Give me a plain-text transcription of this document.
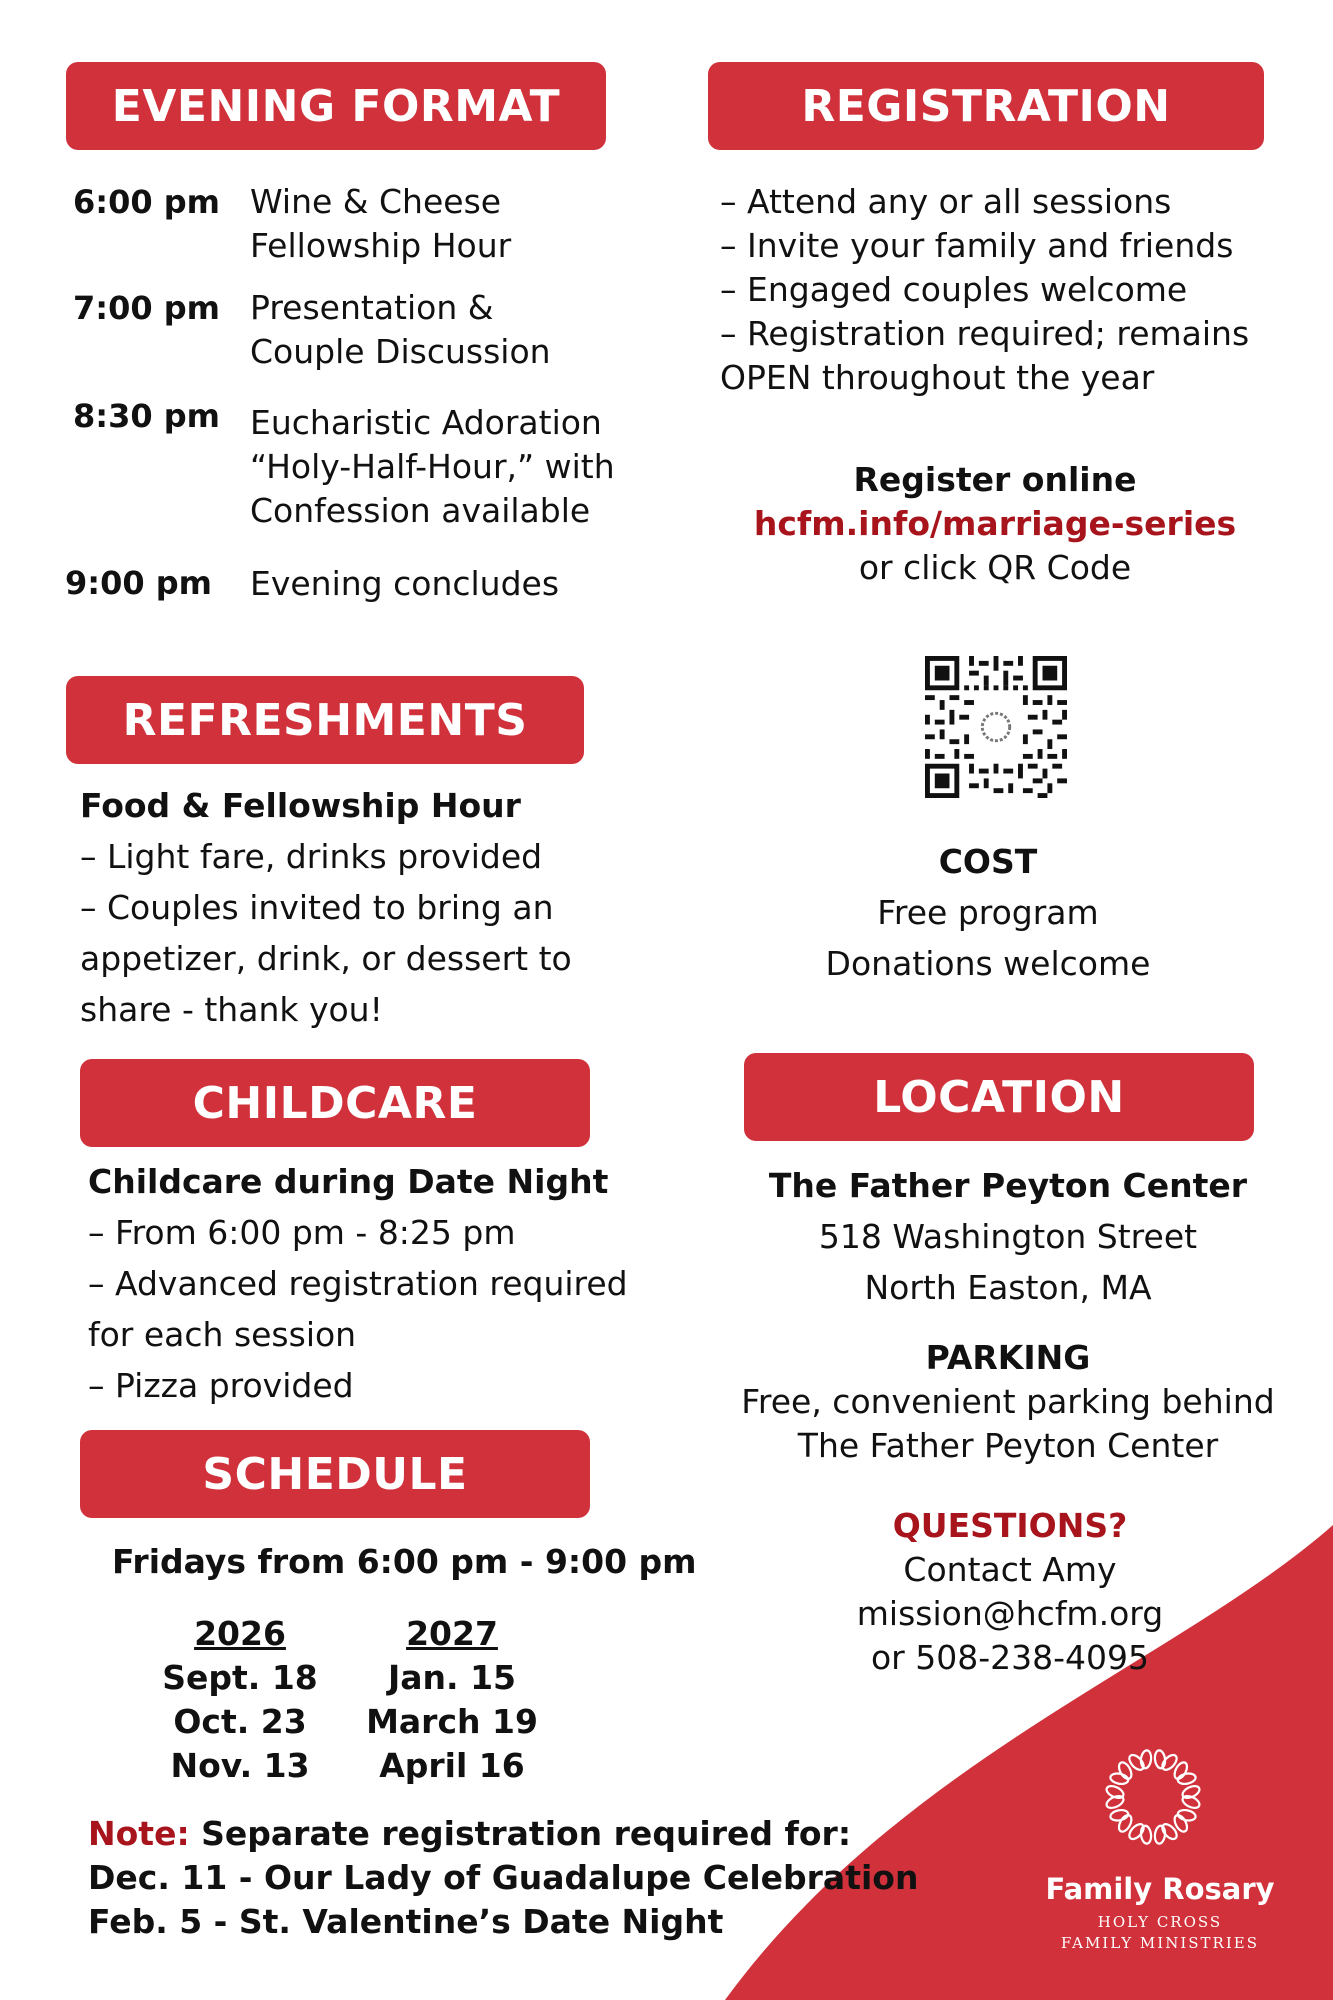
EVENING FORMAT
6:00 pm Wine & Cheese
Fellowship Hour
7:00 pm Presentation &
Couple Discussion
8:30 pm Eucharistic Adoration
“Holy-Half-Hour,” with
Confession available
9:00 pm Evening concludes
REGISTRATION
– Attend any or all sessions
– Invite your family and friends
– Engaged couples welcome
– Registration required; remains
OPEN throughout the year
Register online
hcfm.info/marriage-series
or click QR Code
REFRESHMENTS
Food & Fellowship Hour
– Light fare, drinks provided
– Couples invited to bring an
appetizer, drink, or dessert to
share - thank you!
COST
Free program
Donations welcome
CHILDCARE
Childcare during Date Night
– From 6:00 pm - 8:25 pm
– Advanced registration required
for each session
– Pizza provided
LOCATION
The Father Peyton Center
518 Washington Street
North Easton, MA
PARKING
Free, convenient parking behind
The Father Peyton Center
QUESTIONS?
Contact Amy
mission@hcfm.org
or 508-238-4095
SCHEDULE
Fridays from 6:00 pm - 9:00 pm
2026
Sept. 18
Oct. 23
Nov. 13
2027
Jan. 15
March 19
April 16
Note: Separate registration required for:
Dec. 11 - Our Lady of Guadalupe Celebration
Feb. 5 - St. Valentine’s Date Night
Family Rosary
HOLY CROSS
FAMILY MINISTRIES
